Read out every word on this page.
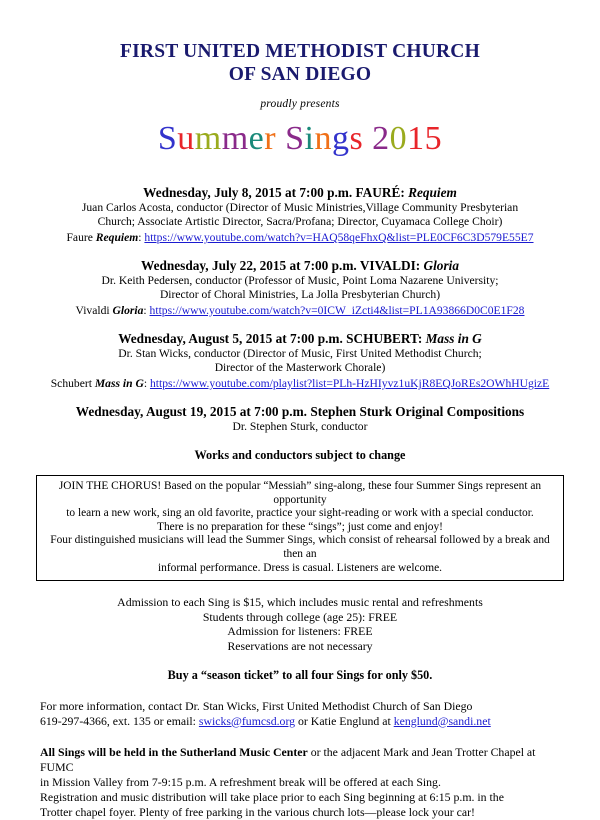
FIRST UNITED METHODIST CHURCH
OF SAN DIEGO
proudly presents
Summer Sings 2015
Wednesday, July 8, 2015 at 7:00 p.m. FAURÉ: Requiem
Juan Carlos Acosta, conductor (Director of Music Ministries,Village Community Presbyterian
Church; Associate Artistic Director, Sacra/Profana; Director, Cuyamaca College Choir)
Faure Requiem: https://www.youtube.com/watch?v=HAQ58qeFhxQ&list=PLE0CF6C3D579E55E7
Wednesday, July 22, 2015 at 7:00 p.m. VIVALDI: Gloria
Dr. Keith Pedersen, conductor (Professor of Music, Point Loma Nazarene University;
Director of Choral Ministries, La Jolla Presbyterian Church)
Vivaldi Gloria: https://www.youtube.com/watch?v=0ICW_iZcti4&list=PL1A93866D0C0E1F28
Wednesday, August 5, 2015 at 7:00 p.m. SCHUBERT: Mass in G
Dr. Stan Wicks, conductor (Director of Music, First United Methodist Church;
Director of the Masterwork Chorale)
Schubert Mass in G: https://www.youtube.com/playlist?list=PLh-HzHIyvz1uKjR8EQJoREs2OWhHUgizE
Wednesday, August 19, 2015 at 7:00 p.m. Stephen Sturk Original Compositions
Dr. Stephen Sturk, conductor
Works and conductors subject to change
JOIN THE CHORUS! Based on the popular “Messiah” sing-along, these four Summer Sings represent an opportunity
to learn a new work, sing an old favorite, practice your sight-reading or work with a special conductor.
There is no preparation for these “sings”; just come and enjoy!
Four distinguished musicians will lead the Summer Sings, which consist of rehearsal followed by a break and then an
informal performance. Dress is casual. Listeners are welcome.
Admission to each Sing is $15, which includes music rental and refreshments
Students through college (age 25): FREE
Admission for listeners: FREE
Reservations are not necessary
Buy a “season ticket” to all four Sings for only $50.
For more information, contact Dr. Stan Wicks, First United Methodist Church of San Diego
619-297-4366, ext. 135 or email: swicks@fumcsd.org or Katie Englund at kenglund@sandi.net
All Sings will be held in the Sutherland Music Center or the adjacent Mark and Jean Trotter Chapel at FUMC
in Mission Valley from 7-9:15 p.m. A refreshment break will be offered at each Sing.
Registration and music distribution will take place prior to each Sing beginning at 6:15 p.m. in the
Trotter chapel foyer. Plenty of free parking in the various church lots—please lock your car!
